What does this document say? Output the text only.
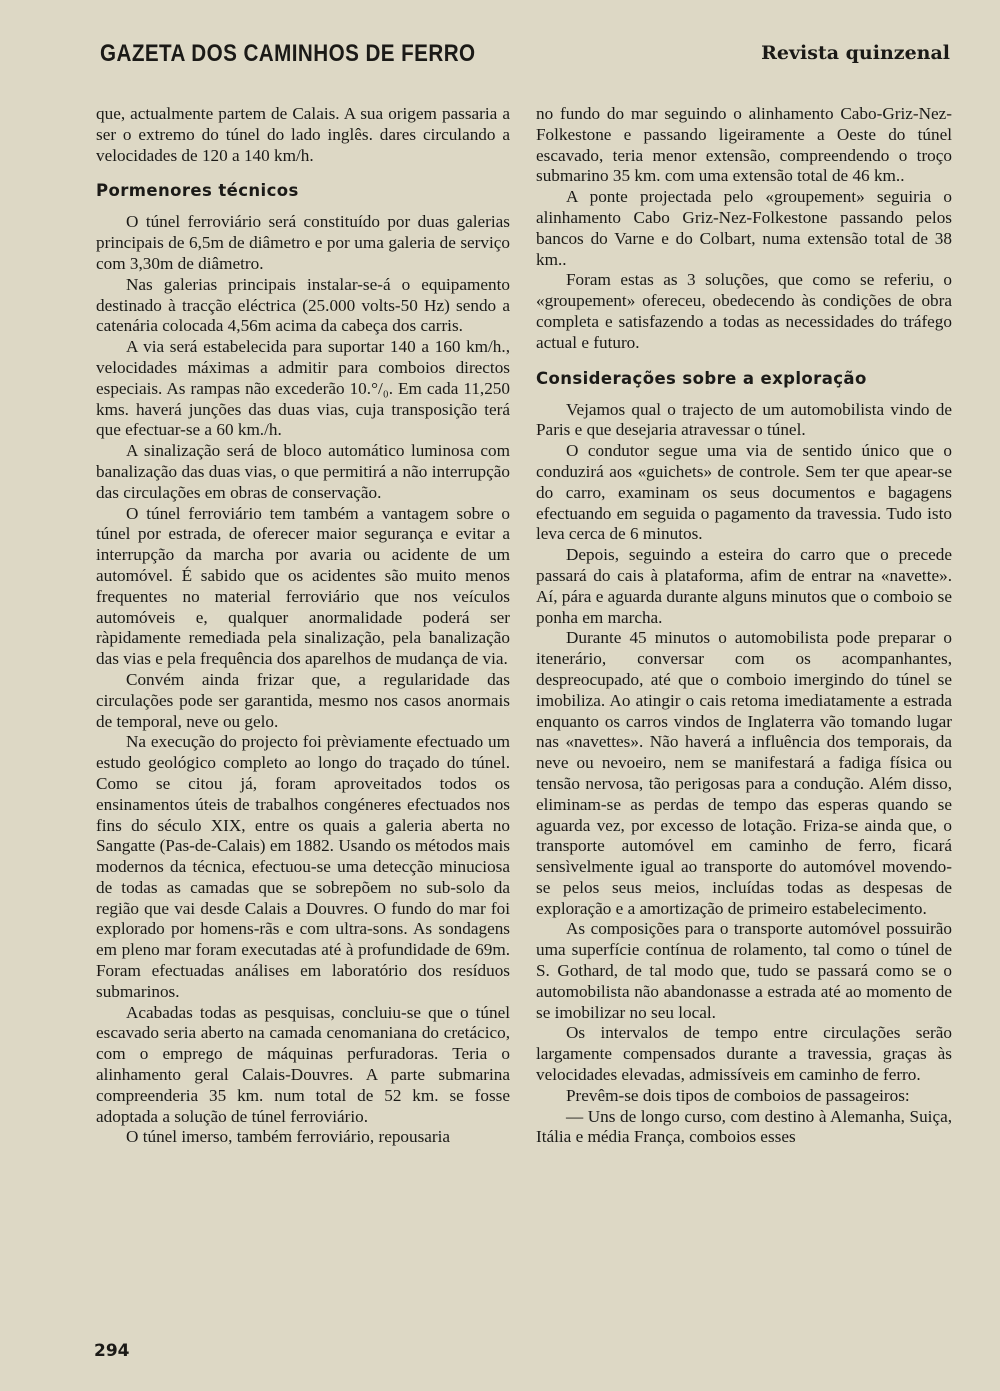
GAZETA DOS CAMINHOS DE FERRO	Revista quinzenal

que, actualmente partem de Calais. A sua origem passaria a ser o extremo do túnel do lado inglês. dares circulando a velocidades de 120 a 140 km/h.

Pormenores técnicos

O túnel ferroviário será constituído por duas galerias principais de 6,5m de diâmetro e por uma galeria de serviço com 3,30m de diâmetro.

Nas galerias principais instalar-se-á o equipamento destinado à tracção eléctrica (25.000 volts-50 Hz) sendo a catenária colocada 4,56m acima da cabeça dos carris.

A via será estabelecida para suportar 140 a 160 km/h., velocidades máximas a admitir para comboios directos especiais. As rampas não excederão 10.°/₀. Em cada 11,250 kms. haverá junções das duas vias, cuja transposição terá que efectuar-se a 60 km./h.

A sinalização será de bloco automático luminosa com banalização das duas vias, o que permitirá a não interrupção das circulações em obras de conservação.

O túnel ferroviário tem também a vantagem sobre o túnel por estrada, de oferecer maior segurança e evitar a interrupção da marcha por avaria ou acidente de um automóvel. É sabido que os acidentes são muito menos frequentes no material ferroviário que nos veículos automóveis e, qualquer anormalidade poderá ser ràpidamente remediada pela sinalização, pela banalização das vias e pela frequência dos aparelhos de mudança de via.

Convém ainda frizar que, a regularidade das circulações pode ser garantida, mesmo nos casos anormais de temporal, neve ou gelo.

Na execução do projecto foi prèviamente efectuado um estudo geológico completo ao longo do traçado do túnel. Como se citou já, foram aproveitados todos os ensinamentos úteis de trabalhos congéneres efectuados nos fins do século XIX, entre os quais a galeria aberta no Sangatte (Pas-de-Calais) em 1882. Usando os métodos mais modernos da técnica, efectuou-se uma detecção minuciosa de todas as camadas que se sobrepõem no sub-solo da região que vai desde Calais a Douvres. O fundo do mar foi explorado por homens-rãs e com ultra-sons. As sondagens em pleno mar foram executadas até à profundidade de 69m. Foram efectuadas análises em laboratório dos resíduos submarinos.

Acabadas todas as pesquisas, concluiu-se que o túnel escavado seria aberto na camada cenomaniana do cretácico, com o emprego de máquinas perfuradoras. Teria o alinhamento geral Calais-Douvres. A parte submarina compreenderia 35 km. num total de 52 km. se fosse adoptada a solução de túnel ferroviário.

O túnel imerso, também ferroviário, repousaria

no fundo do mar seguindo o alinhamento Cabo-Griz-Nez-Folkestone e passando ligeiramente a Oeste do túnel escavado, teria menor extensão, compreendendo o troço submarino 35 km. com uma extensão total de 46 km..

A ponte projectada pelo «groupement» seguiria o alinhamento Cabo Griz-Nez-Folkestone passando pelos bancos do Varne e do Colbart, numa extensão total de 38 km..

Foram estas as 3 soluções, que como se referiu, o «groupement» ofereceu, obedecendo às condições de obra completa e satisfazendo a todas as necessidades do tráfego actual e futuro.

Considerações sobre a exploração

Vejamos qual o trajecto de um automobilista vindo de Paris e que desejaria atravessar o túnel.

O condutor segue uma via de sentido único que o conduzirá aos «guichets» de controle. Sem ter que apear-se do carro, examinam os seus documentos e bagagens efectuando em seguida o pagamento da travessia. Tudo isto leva cerca de 6 minutos.

Depois, seguindo a esteira do carro que o precede passará do cais à plataforma, afim de entrar na «navette». Aí, pára e aguarda durante alguns minutos que o comboio se ponha em marcha.

Durante 45 minutos o automobilista pode preparar o itenerário, conversar com os acompanhantes, despreocupado, até que o comboio imergindo do túnel se imobiliza. Ao atingir o cais retoma imediatamente a estrada enquanto os carros vindos de Inglaterra vão tomando lugar nas «navettes». Não haverá a influência dos temporais, da neve ou nevoeiro, nem se manifestará a fadiga física ou tensão nervosa, tão perigosas para a condução. Além disso, eliminam-se as perdas de tempo das esperas quando se aguarda vez, por excesso de lotação. Friza-se ainda que, o transporte automóvel em caminho de ferro, ficará sensìvelmente igual ao transporte do automóvel movendo-se pelos seus meios, incluídas todas as despesas de exploração e a amortização de primeiro estabelecimento.

As composições para o transporte automóvel possuirão uma superfície contínua de rolamento, tal como o túnel de S. Gothard, de tal modo que, tudo se passará como se o automobilista não abandonasse a estrada até ao momento de se imobilizar no seu local.

Os intervalos de tempo entre circulações serão largamente compensados durante a travessia, graças às velocidades elevadas, admissíveis em caminho de ferro.

Prevêm-se dois tipos de comboios de passageiros:

— Uns de longo curso, com destino à Alemanha, Suiça, Itália e média França, comboios esses

294
